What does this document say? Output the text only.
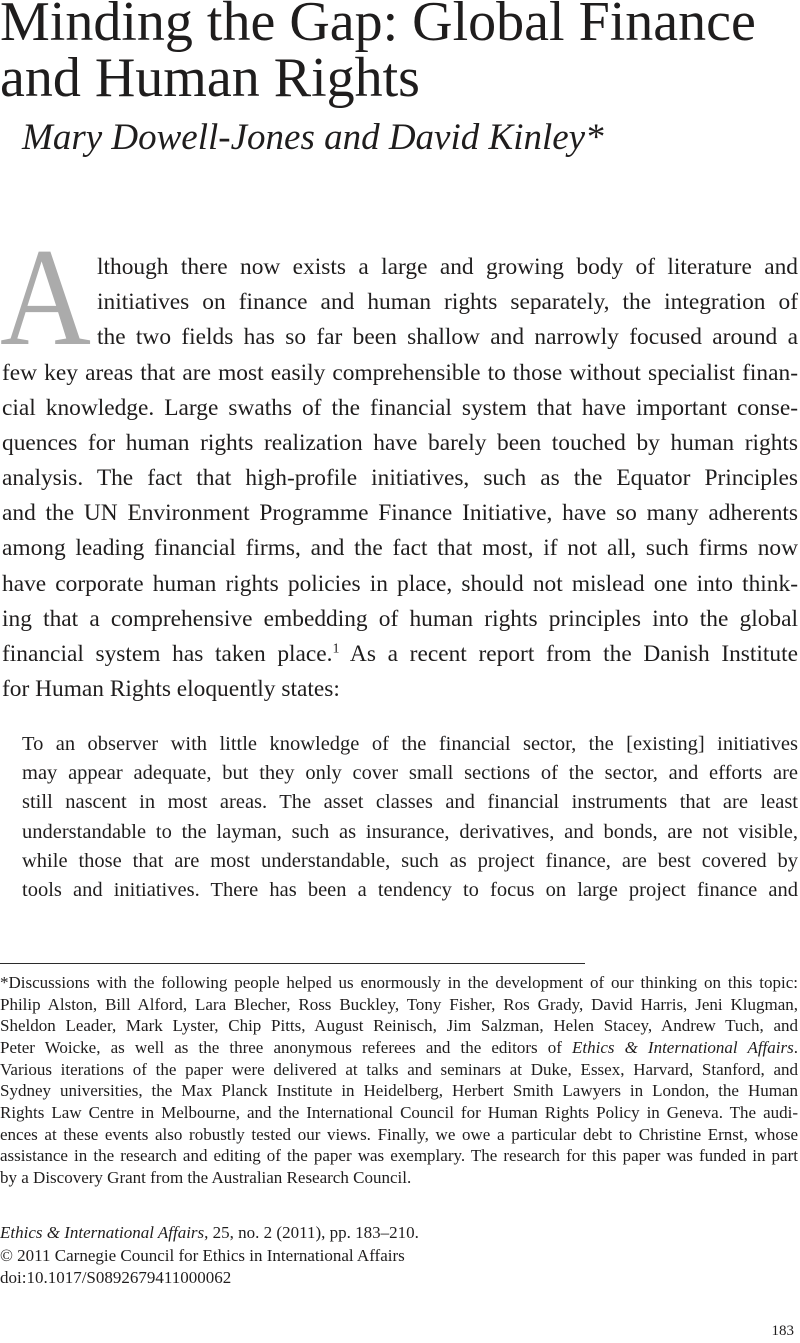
Minding the Gap: Global Finance
and Human Rights
Mary Dowell-Jones and David Kinley*
A lthough there now exists a large and growing body of literature and
initiatives on finance and human rights separately, the integration of
the two fields has so far been shallow and narrowly focused around a
few key areas that are most easily comprehensible to those without specialist finan-
cial knowledge. Large swaths of the financial system that have important conse-
quences for human rights realization have barely been touched by human rights
analysis. The fact that high-profile initiatives, such as the Equator Principles
and the UN Environment Programme Finance Initiative, have so many adherents
among leading financial firms, and the fact that most, if not all, such firms now
have corporate human rights policies in place, should not mislead one into think-
ing that a comprehensive embedding of human rights principles into the global
financial system has taken place.$^1$ As a recent report from the Danish Institute
for Human Rights eloquently states:
To an observer with little knowledge of the financial sector, the [existing] initiatives
may appear adequate, but they only cover small sections of the sector, and efforts are
still nascent in most areas. The asset classes and financial instruments that are least
understandable to the layman, such as insurance, derivatives, and bonds, are not visible,
while those that are most understandable, such as project finance, are best covered by
tools and initiatives. There has been a tendency to focus on large project finance and
*Discussions with the following people helped us enormously in the development of our thinking on this topic:
Philip Alston, Bill Alford, Lara Blecher, Ross Buckley, Tony Fisher, Ros Grady, David Harris, Jeni Klugman,
Sheldon Leader, Mark Lyster, Chip Pitts, August Reinisch, Jim Salzman, Helen Stacey, Andrew Tuch, and
Peter Woicke, as well as the three anonymous referees and the editors of Ethics & International Affairs.
Various iterations of the paper were delivered at talks and seminars at Duke, Essex, Harvard, Stanford, and
Sydney universities, the Max Planck Institute in Heidelberg, Herbert Smith Lawyers in London, the Human
Rights Law Centre in Melbourne, and the International Council for Human Rights Policy in Geneva. The audi-
ences at these events also robustly tested our views. Finally, we owe a particular debt to Christine Ernst, whose
assistance in the research and editing of the paper was exemplary. The research for this paper was funded in part
by a Discovery Grant from the Australian Research Council.
Ethics & International Affairs, 25, no. 2 (2011), pp. 183–210.
© 2011 Carnegie Council for Ethics in International Affairs
doi:10.1017/S0892679411000062
183
